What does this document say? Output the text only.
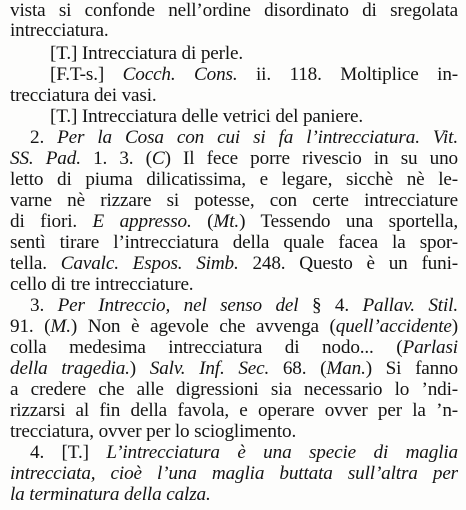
vista si confonde nell’ordine disordinato di sregolata
intrecciatura.
[T.] Intrecciatura di perle.
[F.T-s.] Cocch. Cons. ii. 118. Moltiplice in-
trecciatura dei vasi.
[T.] Intrecciatura delle vetrici del paniere.
2. Per la Cosa con cui si fa l’intrecciatura. Vit.
SS. Pad. 1. 3. (C) Il fece porre rivescio in su uno
letto di piuma dilicatissima, e legare, sicchè nè le-
varne nè rizzare si potesse, con certe intrecciature
di fiori. E appresso. (Mt.) Tessendo una sportella,
sentì tirare l’intrecciatura della quale facea la spor-
tella. Cavalc. Espos. Simb. 248. Questo è un funi-
cello di tre intrecciature.
3. Per Intreccio, nel senso del § 4. Pallav. Stil.
91. (M.) Non è agevole che avvenga (quell’accidente)
colla medesima intrecciatura di nodo... (Parlasi
della tragedia.) Salv. Inf. Sec. 68. (Man.) Si fanno
a credere che alle digressioni sia necessario lo ’ndi-
rizzarsi al fin della favola, e operare ovver per la ’n-
trecciatura, ovver per lo scioglimento.
4. [T.] L’intrecciatura è una specie di maglia
intrecciata, cioè l’una maglia buttata sull’altra per
la terminatura della calza.
